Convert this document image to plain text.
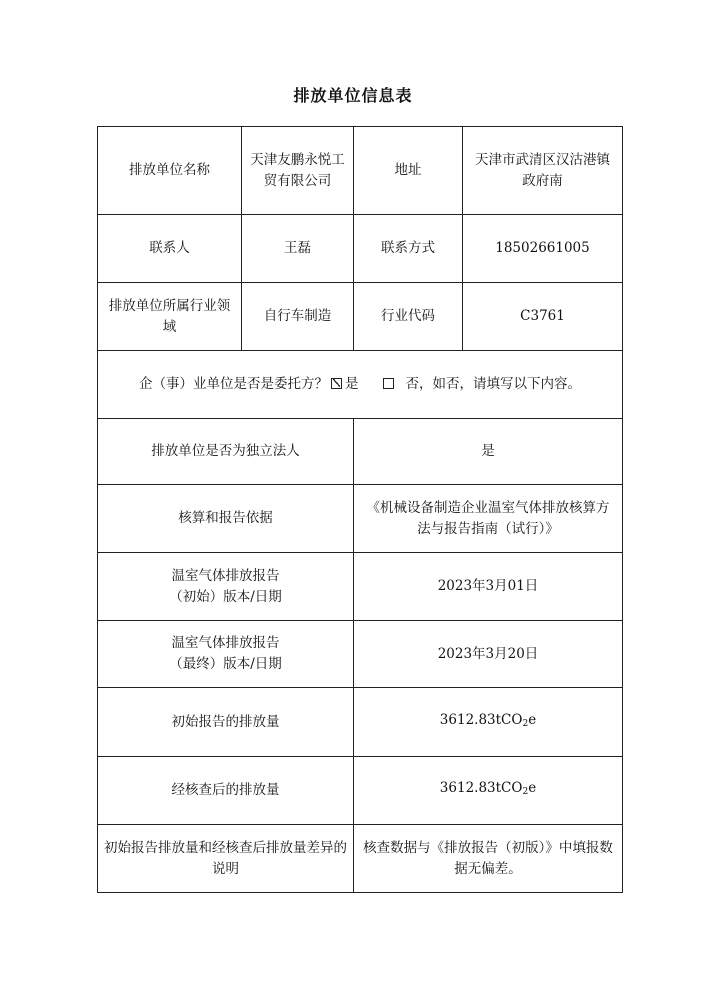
排放单位信息表
排放单位名称	天津友鹏永悦工贸有限公司	地址	天津市武清区汉沽港镇政府南
联系人	王磊	联系方式	18502661005
排放单位所属行业领域	自行车制造	行业代码	C3761
企（事）业单位是否是委托方？ 是 否，如否，请填写以下内容。			
排放单位是否为独立法人		是	
核算和报告依据		《机械设备制造企业温室气体排放核算方法与报告指南（试行）》	

温室气体排放报告
（初始）版本/日期		2023年3月01日	

温室气体排放报告
（最终）版本/日期		2023年3月20日	
初始报告的排放量		3612.83tCO$_2$e	
经核查后的排放量		3612.83tCO$_2$e	
初始报告排放量和经核查后排放量差异的说明		核查数据与《排放报告（初版）》中填报数据无偏差。	
